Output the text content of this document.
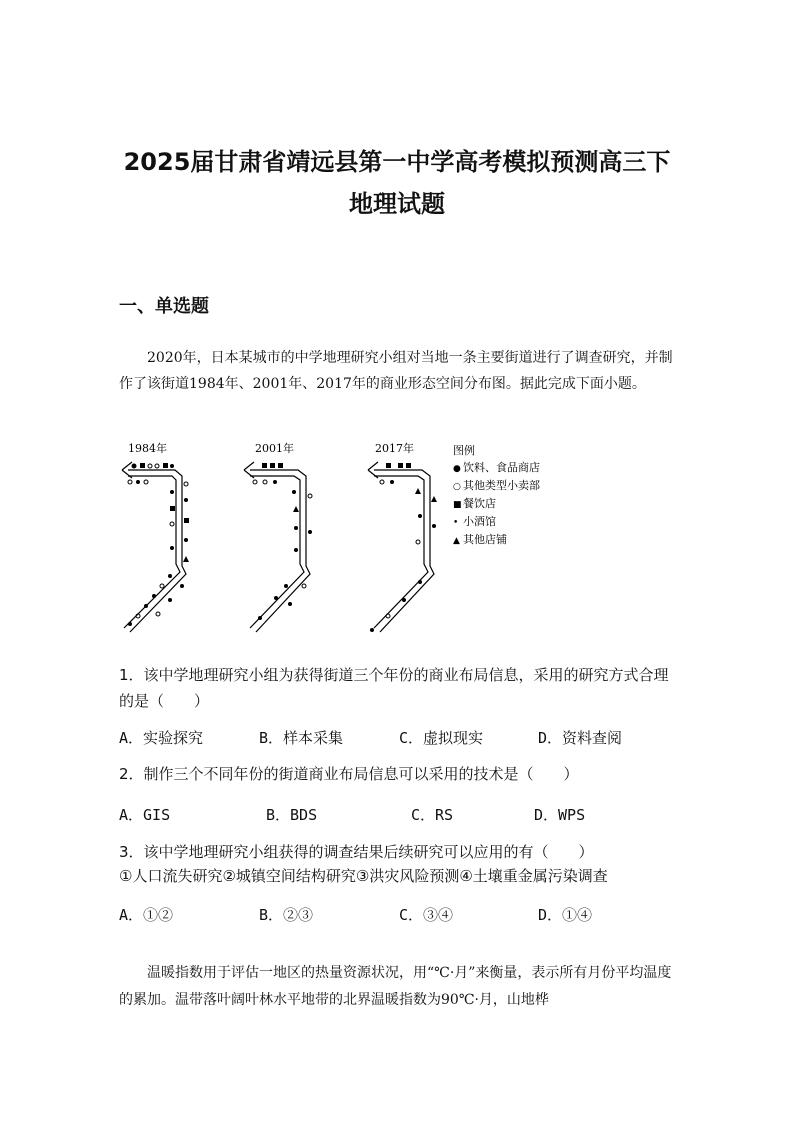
2025届甘肃省靖远县第一中学高考模拟预测高三下
地理试题
一、单选题
2020年，日本某城市的中学地理研究小组对当地一条主要街道进行了调查研究，并制作了该街道1984年、2001年、2017年的商业形态空间分布图。据此完成下面小题。
1984年	2001年	2017年	图例
● 饮料、食品商店
○ 其他类型小卖部
■ 餐饮店
• 小酒馆
▲ 其他店铺
1．该中学地理研究小组为获得街道三个年份的商业布局信息，采用的研究方式合理的是（　　）
A．实验探究	B．样本采集	C．虚拟现实	D．资料查阅
2．制作三个不同年份的街道商业布局信息可以采用的技术是（　　）
A．GIS	B．BDS	C．RS	D．WPS
3．该中学地理研究小组获得的调查结果后续研究可以应用的有（　　）
①人口流失研究②城镇空间结构研究③洪灾风险预测④土壤重金属污染调查
A．①②	B．②③	C．③④	D．①④
温暖指数用于评估一地区的热量资源状况，用“℃·月”来衡量，表示所有月份平均温度的累加。温带落叶阔叶林水平地带的北界温暖指数为90℃·月，山地桦
